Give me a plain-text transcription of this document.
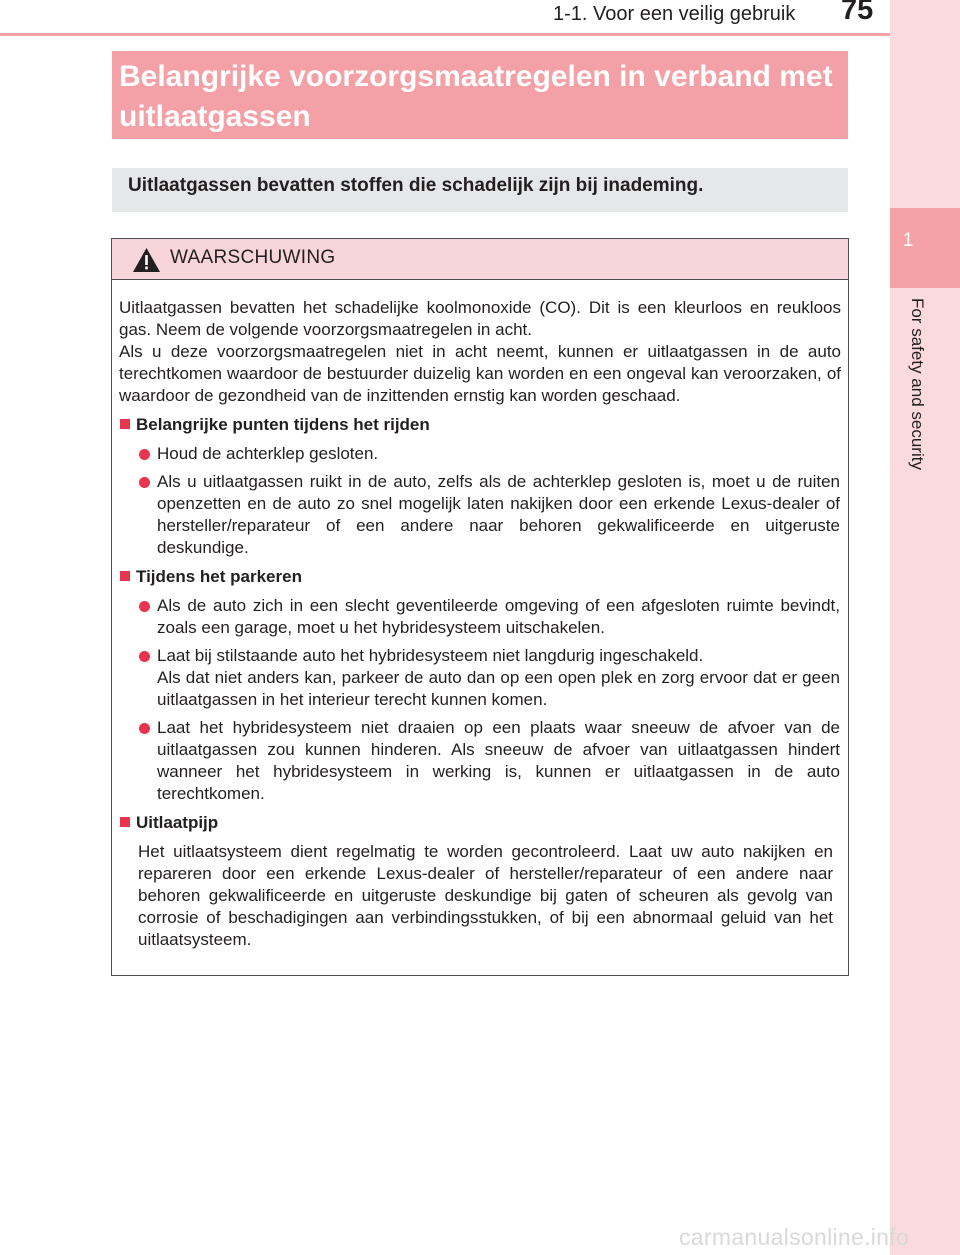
1
For safety and security
1-1. Voor een veilig gebruik 75
Belangrijke voorzorgsmaatregelen in verband met uitlaatgassen
Uitlaatgassen bevatten stoffen die schadelijk zijn bij inademing.
WAARSCHUWING
Uitlaatgassen bevatten het schadelijke koolmonoxide (CO). Dit is een kleurloos en reukloos gas. Neem de volgende voorzorgsmaatregelen in acht.
Als u deze voorzorgsmaatregelen niet in acht neemt, kunnen er uitlaatgassen in de auto terechtkomen waardoor de bestuurder duizelig kan worden en een ongeval kan veroorzaken, of waardoor de gezondheid van de inzittenden ernstig kan worden geschaad.
Belangrijke punten tijdens het rijden
Houd de achterklep gesloten.
Als u uitlaatgassen ruikt in de auto, zelfs als de achterklep gesloten is, moet u de ruiten openzetten en de auto zo snel mogelijk laten nakijken door een erkende Lexus-dealer of hersteller/reparateur of een andere naar behoren gekwalificeerde en uitgeruste deskundige.
Tijdens het parkeren
Als de auto zich in een slecht geventileerde omgeving of een afgesloten ruimte bevindt, zoals een garage, moet u het hybridesysteem uitschakelen.
Laat bij stilstaande auto het hybridesysteem niet langdurig ingeschakeld.
Als dat niet anders kan, parkeer de auto dan op een open plek en zorg ervoor dat er geen uitlaatgassen in het interieur terecht kunnen komen.
Laat het hybridesysteem niet draaien op een plaats waar sneeuw de afvoer van de uitlaatgassen zou kunnen hinderen. Als sneeuw de afvoer van uitlaatgassen hindert wanneer het hybridesysteem in werking is, kunnen er uitlaatgassen in de auto terechtkomen.
Uitlaatpijp
Het uitlaatsysteem dient regelmatig te worden gecontroleerd. Laat uw auto nakijken en repareren door een erkende Lexus-dealer of hersteller/reparateur of een andere naar behoren gekwalificeerde en uitgeruste deskundige bij gaten of scheuren als gevolg van corrosie of beschadigingen aan verbindingsstukken, of bij een abnormaal geluid van het uitlaatsysteem.
carmanualsonline.info
